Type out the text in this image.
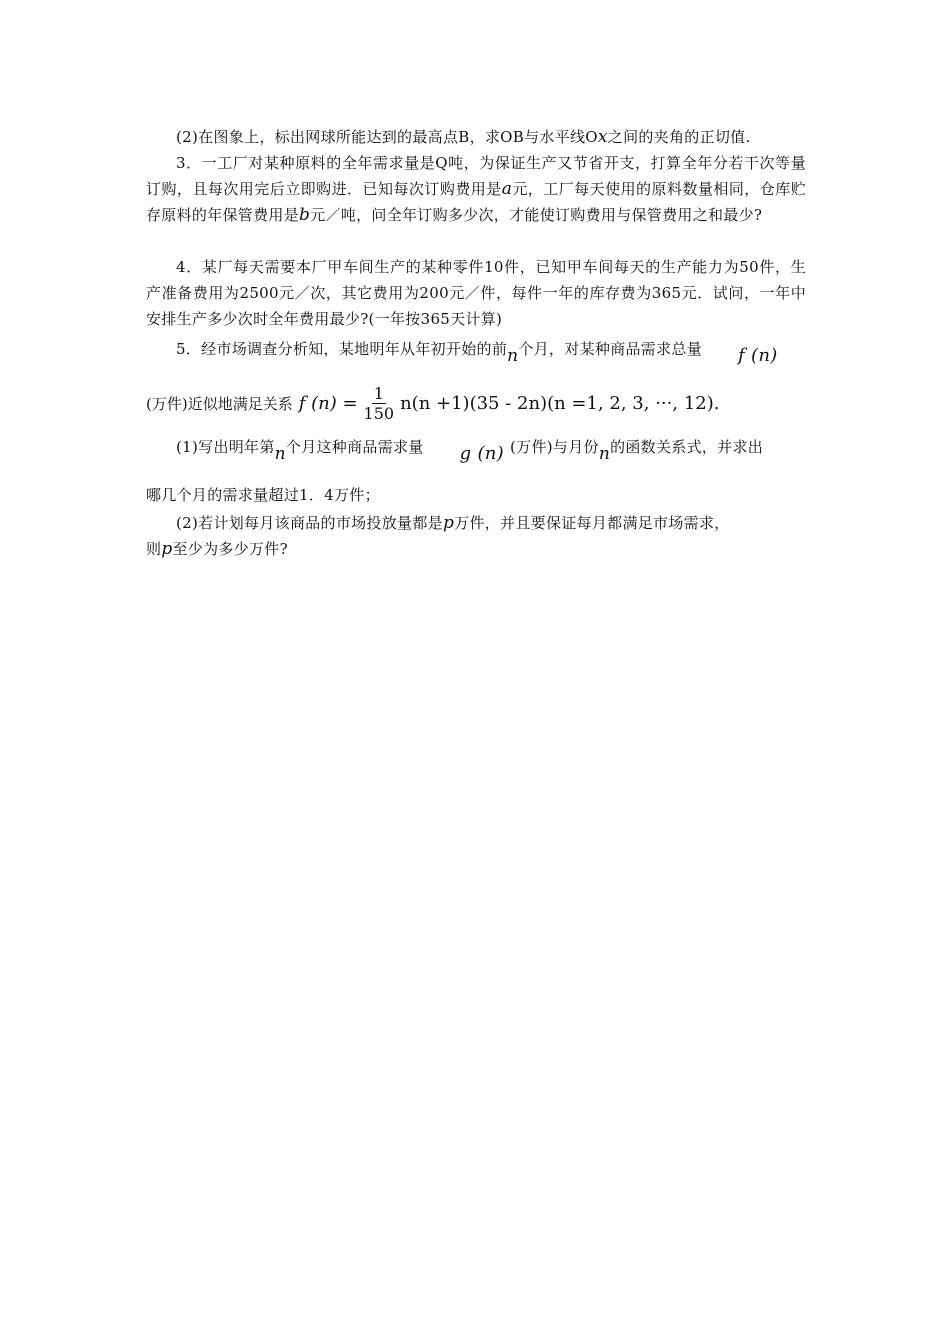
(2)在图象上，标出网球所能达到的最高点B，求OB与水平线Ox之间的夹角的正切值.
3．一工厂对某种原料的全年需求量是Q吨，为保证生产又节省开支，打算全年分若干次等量订购，且每次用完后立即购进．已知每次订购费用是a元，工厂每天使用的原料数量相同，仓库贮存原料的年保管费用是b元／吨，问全年订购多少次，才能使订购费用与保管费用之和最少?
4．某厂每天需要本厂甲车间生产的某种零件10件，已知甲车间每天的生产能力为50件，生产准备费用为2500元／次，其它费用为200元／件，每件一年的库存费为365元．试问，一年中安排生产多少次时全年费用最少?(一年按365天计算)
5．经市场调查分析知，某地明年从年初开始的前n个月，对某种商品需求总量 f (n)
(万件)近似地满足关系 f $(n) = \frac{1}{150} n(n +1)(35 - 2n)(n =1$, 2, 3, ···, 12) .
(1)写出明年第n个月这种商品需求量 g (n) (万件)与月份n的函数关系式，并求出
哪几个月的需求量超过1．4万件；
(2)若计划每月该商品的市场投放量都是p万件，并且要保证每月都满足市场需求，
则p至少为多少万件?
